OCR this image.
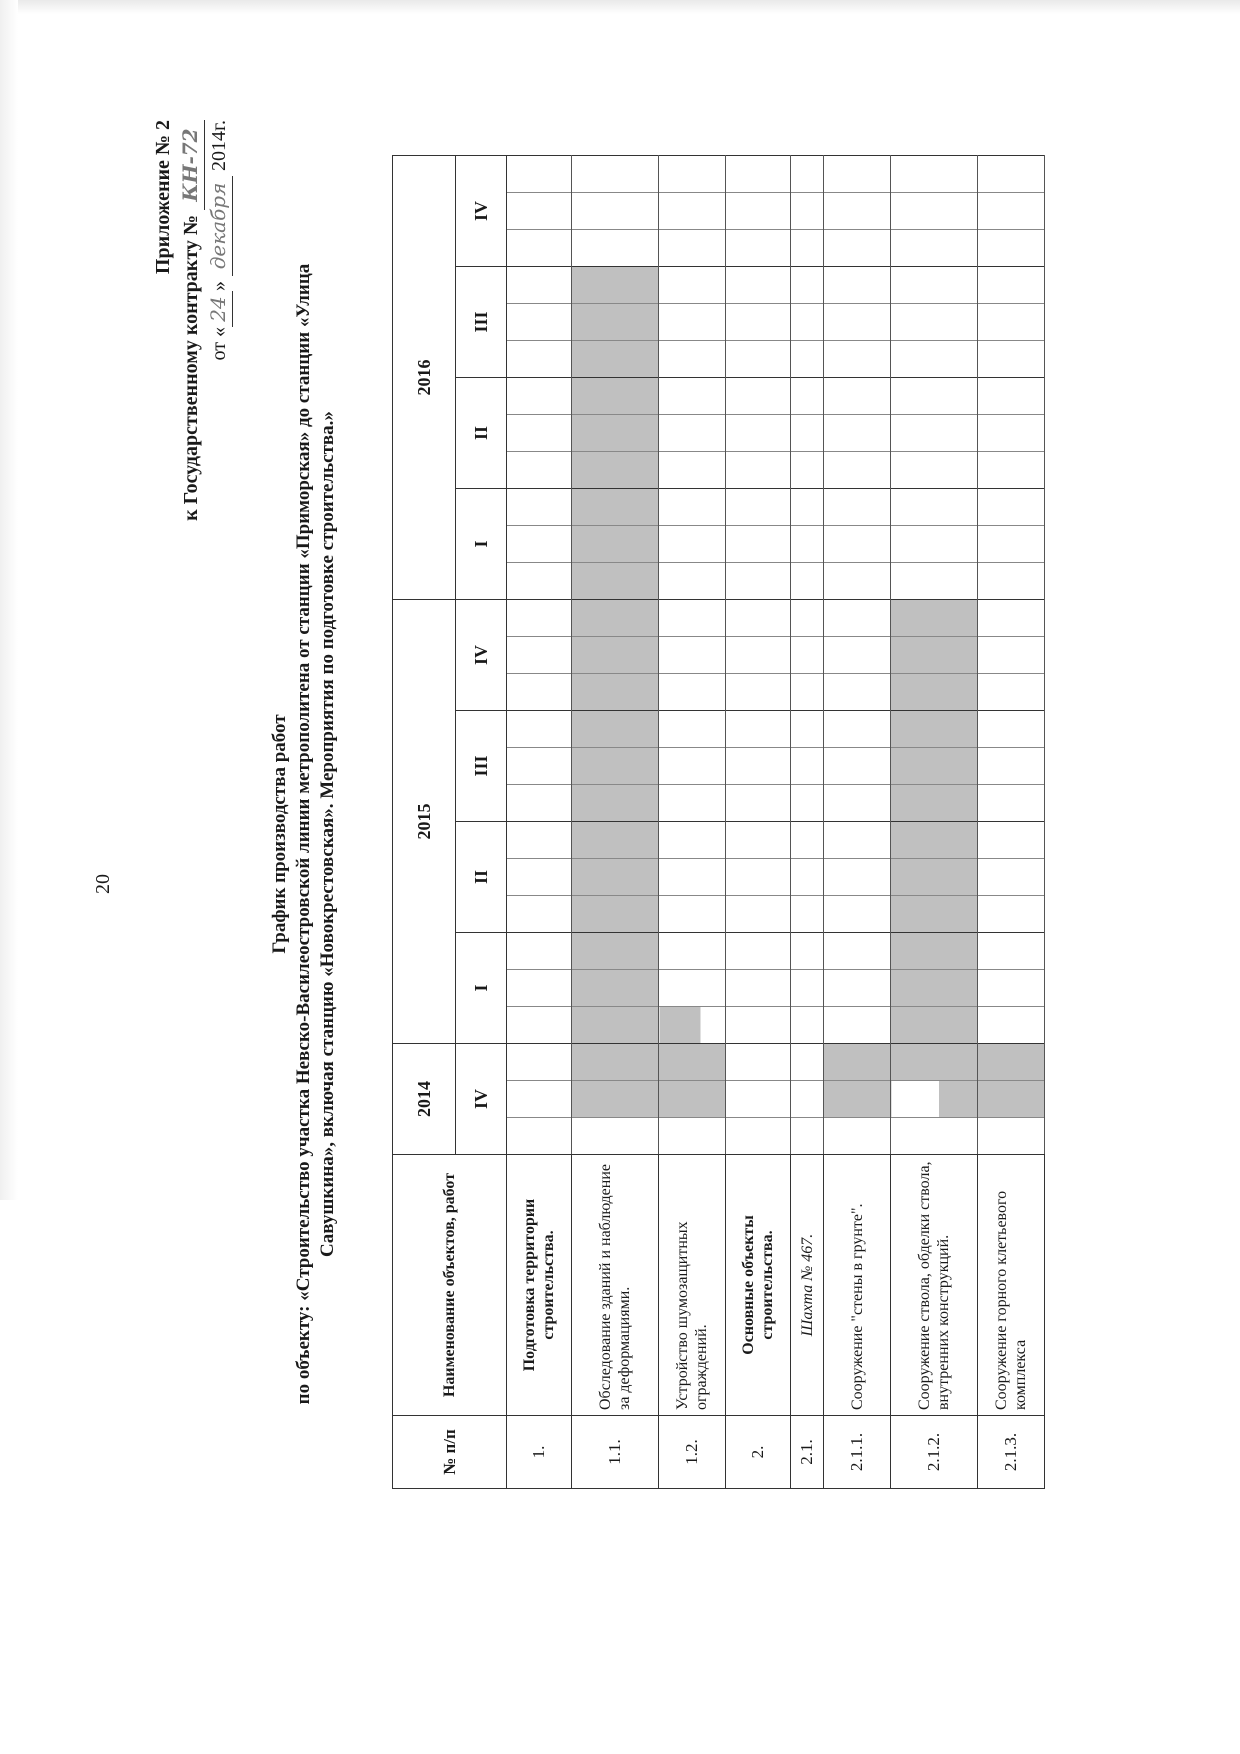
20
Приложение № 2
к Государственному контракту № КН-72
от «24» декабря 2014г.
График производства работ по объекту: «Строительство участка Невско-Василеостровской линии метрополитена от станции «Приморская» до станции «Улица Савушкина», включая станцию «Новокрестовская». Мероприятия по подготовке строительства.»
№ п/п	Наименование объектов, работ	2014			2015												2016											
		IV			I			II			III			IV			I			II			III			IV		
1.	Подготовка территории строительства.																											
1.1.	Обследование зданий и наблюдение за деформациями.																											
1.2.	Устройство шумозащитных ограждений.																											
2.	Основные объекты строительства.																											
2.1.	Шахта № 467.																											
2.1.1.	Сооружение "стены в грунте".																											
2.1.2.	Сооружение ствола, обделки ствола, внутренних конструкций.																											
2.1.3.	Сооружение горного клетьевого комплекса																											
